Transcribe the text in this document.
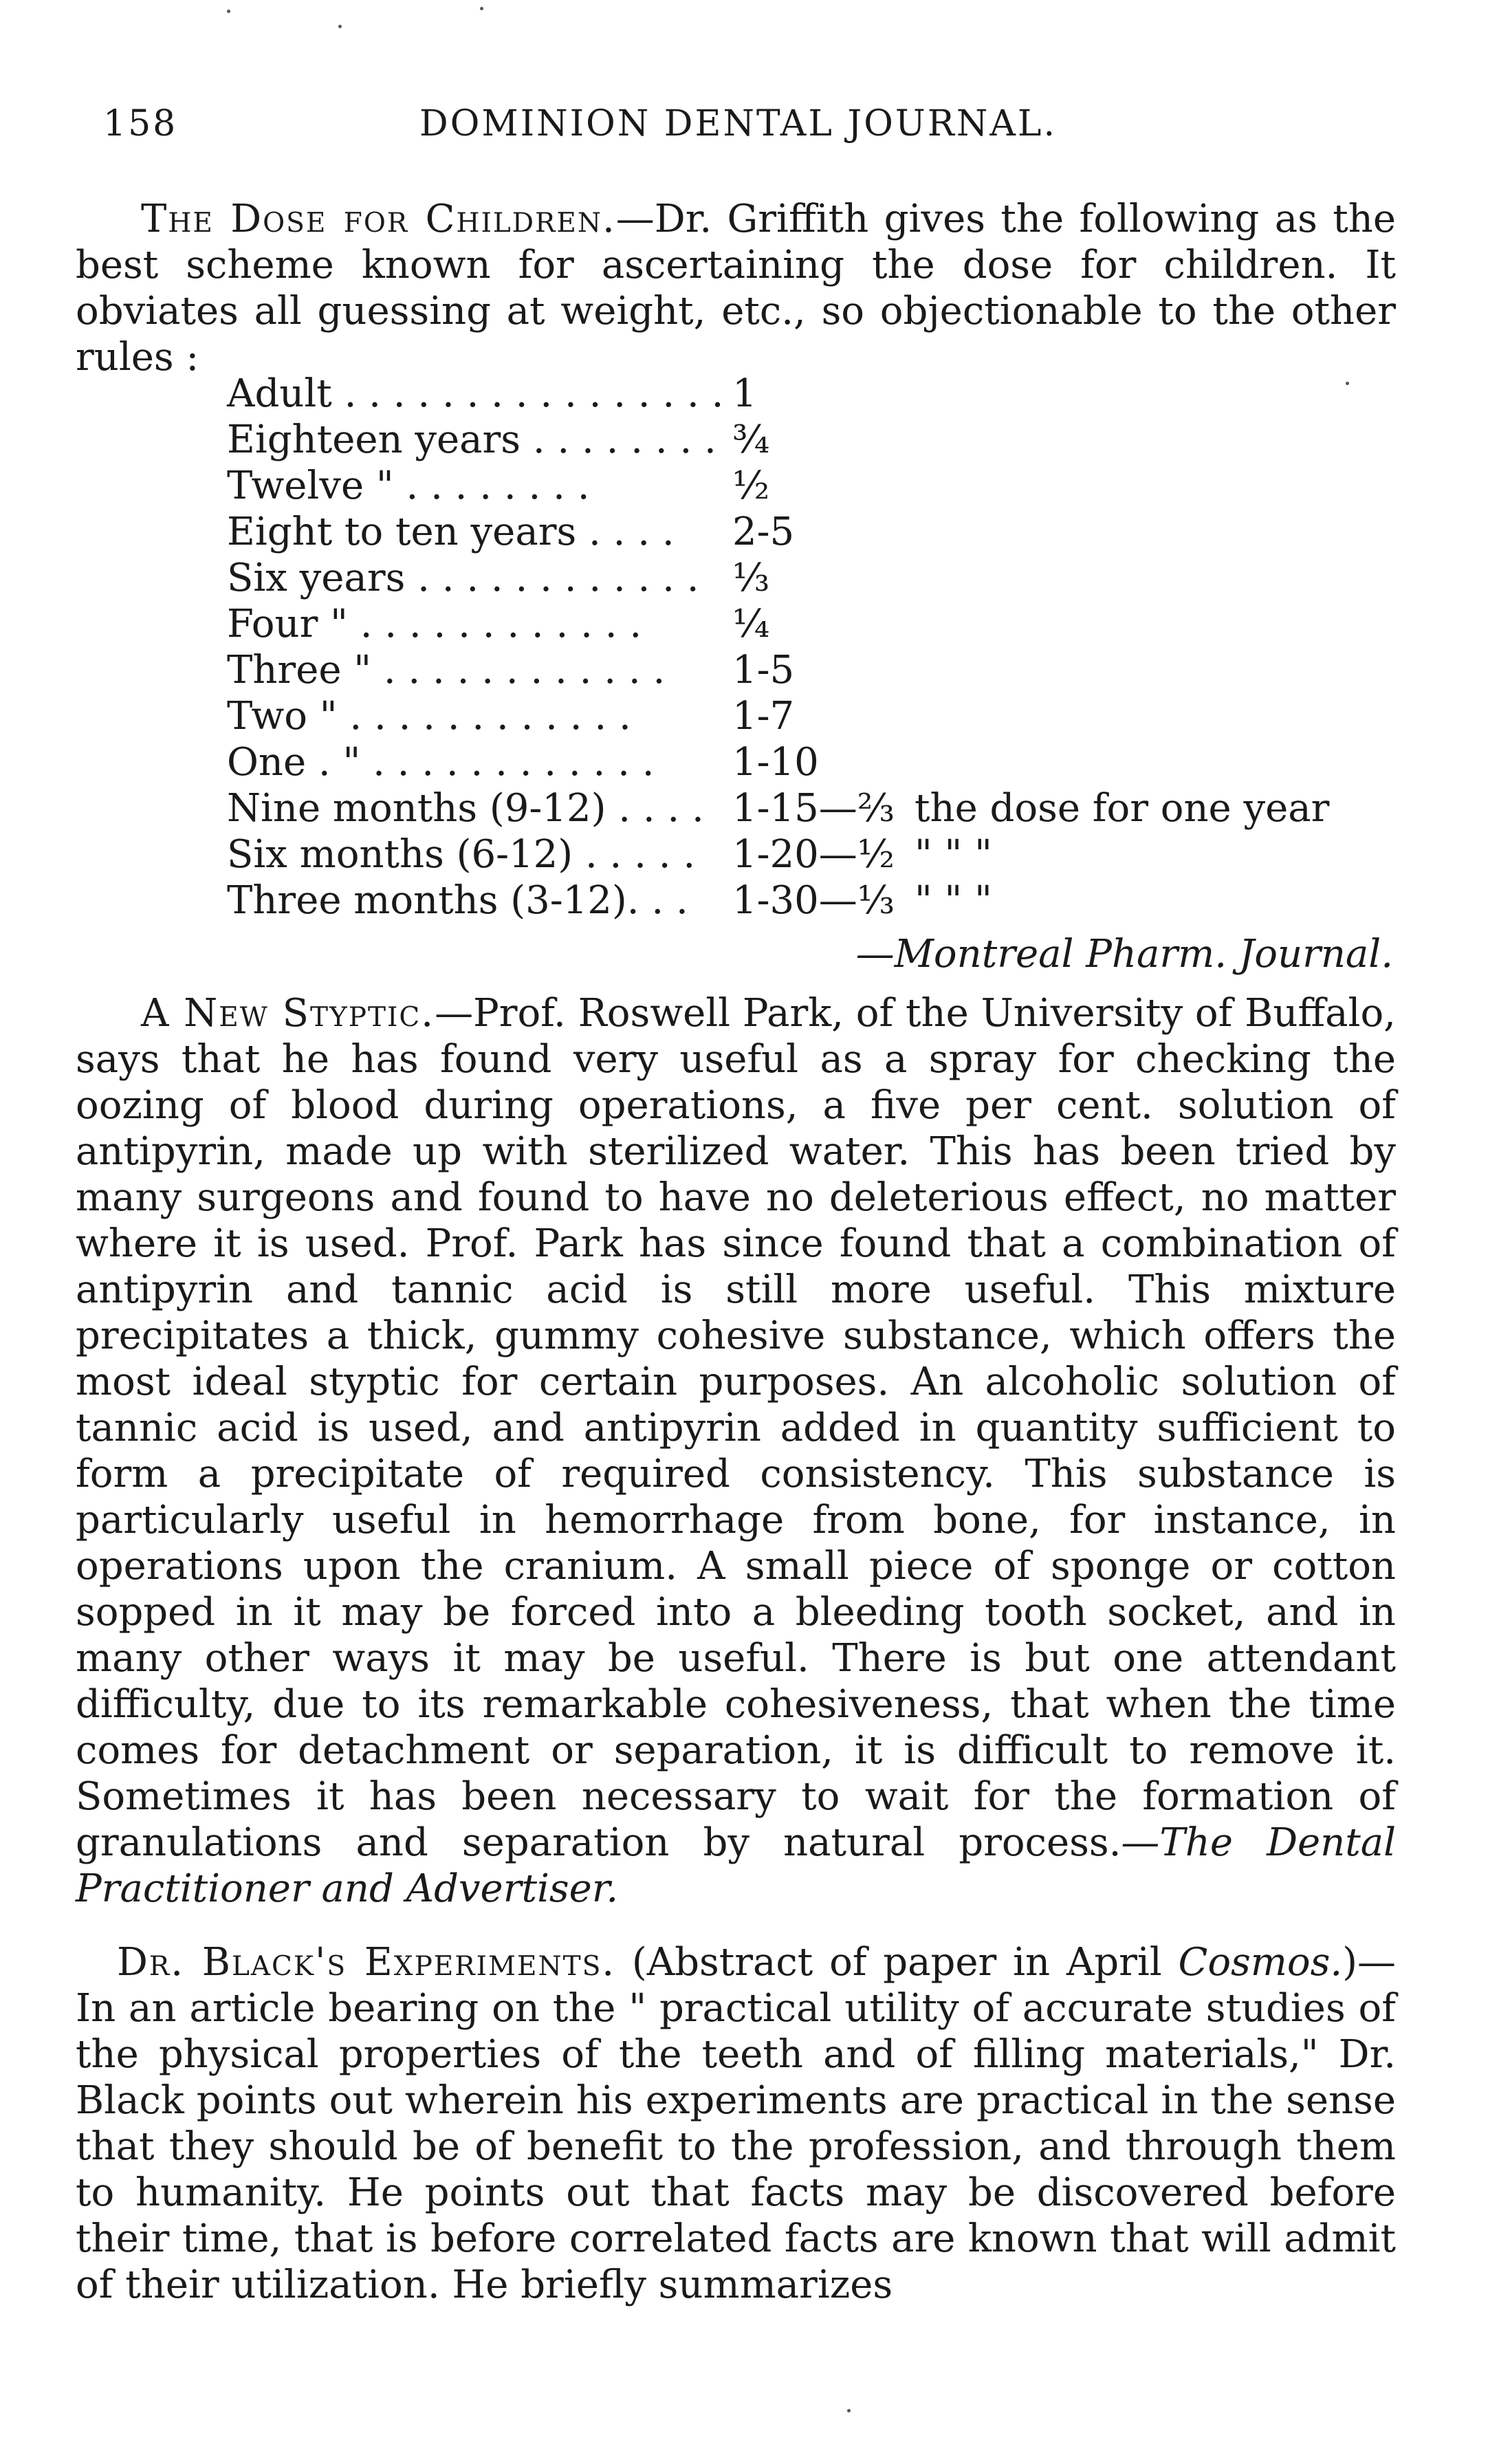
158	DOMINION DENTAL JOURNAL.
The Dose for Children.—Dr. Griffith gives the following as the best scheme known for ascertaining the dose for children. It obviates all guessing at weight, etc., so objectionable to the other rules :
Adult . . . . . . . . . . . . . . . . 1
Eighteen years . . . . . . . . ¾
Twelve " . . . . . . . .	½
Eight to ten years . . . . 2-5
Six years . . . . . . . . . . . . ⅓
Four " . . . . . . . . . . . . ¼
Three " . . . . . . . . . . . . 1-5
Two " . . . . . . . . . . . .	1-7
One . " . . . . . . . . . . . . 1-10
Nine months (9-12) . . . . 1-15—⅔ the dose for one year
Six months (6-12) . . . . . 1-20—½ " " "
Three months (3-12). . . 1-30—⅓ " " "
—Montreal Pharm. Journal.
A New Styptic.—Prof. Roswell Park, of the University of Buffalo, says that he has found very useful as a spray for checking the oozing of blood during operations, a five per cent. solution of antipyrin, made up with sterilized water. This has been tried by many surgeons and found to have no deleterious effect, no matter where it is used. Prof. Park has since found that a combination of antipyrin and tannic acid is still more useful. This mixture precipitates a thick, gummy cohesive substance, which offers the most ideal styptic for certain purposes. An alcoholic solution of tannic acid is used, and antipyrin added in quantity sufficient to form a precipitate of required consistency. This substance is particularly useful in hemorrhage from bone, for instance, in operations upon the cranium. A small piece of sponge or cotton sopped in it may be forced into a bleeding tooth socket, and in many other ways it may be useful. There is but one attendant difficulty, due to its remarkable cohesiveness, that when the time comes for detachment or separation, it is difficult to remove it. Sometimes it has been necessary to wait for the formation of granulations and separation by natural process.—The Dental Practitioner and Advertiser.
Dr. Black's Experiments. (Abstract of paper in April Cosmos.)—In an article bearing on the " practical utility of accurate studies of the physical properties of the teeth and of filling materials," Dr. Black points out wherein his experiments are practical in the sense that they should be of benefit to the profession, and through them to humanity. He points out that facts may be discovered before their time, that is before correlated facts are known that will admit of their utilization. He briefly summarizes
